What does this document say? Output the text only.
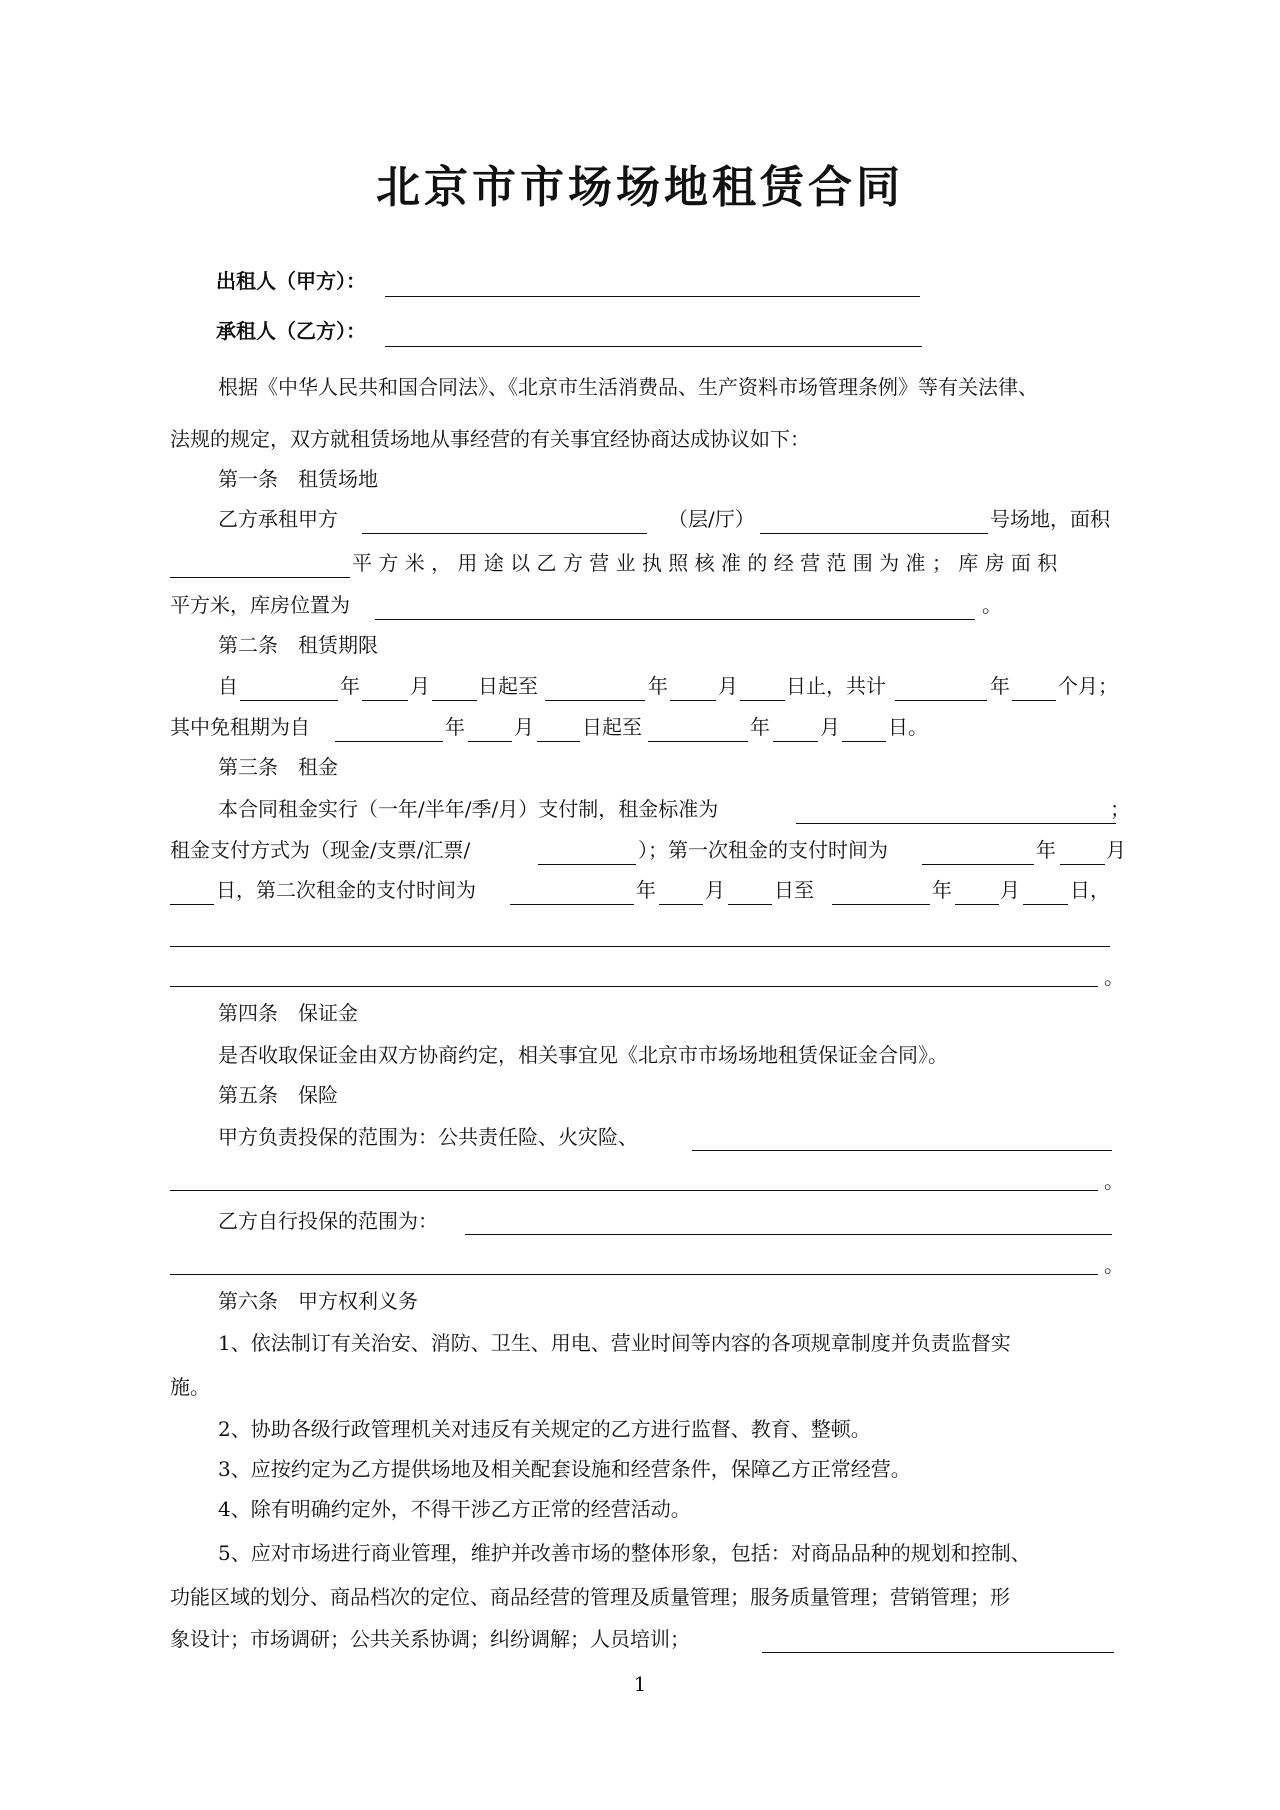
北京市市场场地租赁合同
出租人（甲方）：
承租人（乙方）：
根据《中华人民共和国合同法》、《北京市生活消费品、生产资料市场管理条例》等有关法律、
法规的规定，双方就租赁场地从事经营的有关事宜经协商达成协议如下：
第一条　租赁场地
乙方承租甲方	（层/厅）	号场地，面积
平 方 米 ， 用 途 以 乙 方 营 业 执 照 核 准 的 经 营 范 围 为 准 ； 库 房 面 积
平方米，库房位置为	。
第二条　租赁期限
自	年	月 日起至	年	月 日止，共计	年 个月；
其中免租期为自	年 月 日起至	年	月 日。
第三条　租金
本合同租金实行（一年/半年/季/月）支付制，租金标准为	；
租金支付方式为（现金/支票/汇票/	）；第一次租金的支付时间为	年	月
日，第二次租金的支付时间为	年 月 日至	年 月	日，
。
第四条　保证金
是否收取保证金由双方协商约定，相关事宜见《北京市市场场地租赁保证金合同》。
第五条　保险
甲方负责投保的范围为：公共责任险、火灾险、
。
乙方自行投保的范围为：
。
第六条　甲方权利义务
1、依法制订有关治安、消防、卫生、用电、营业时间等内容的各项规章制度并负责监督实
施。
2、协助各级行政管理机关对违反有关规定的乙方进行监督、教育、整顿。
3、应按约定为乙方提供场地及相关配套设施和经营条件，保障乙方正常经营。
4、除有明确约定外，不得干涉乙方正常的经营活动。
5、应对市场进行商业管理，维护并改善市场的整体形象，包括：对商品品种的规划和控制、
功能区域的划分、商品档次的定位、商品经营的管理及质量管理；服务质量管理；营销管理；形
象设计；市场调研；公共关系协调；纠纷调解；人员培训；
1
